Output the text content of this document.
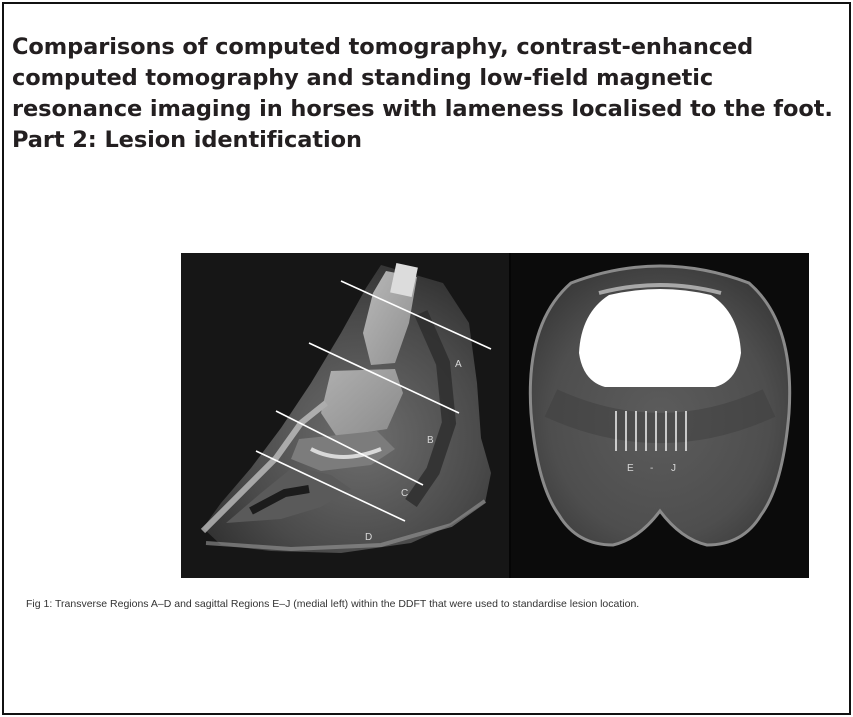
Comparisons of computed tomography, contrast-enhanced computed tomography and standing low-field magnetic resonance imaging in horses with lameness localised to the foot. Part 2: Lesion identification
A
B
C
D
E - J

Fig 1: Transverse Regions A–D and sagittal Regions E–J (medial left) within the DDFT that were used to standardise lesion location.
